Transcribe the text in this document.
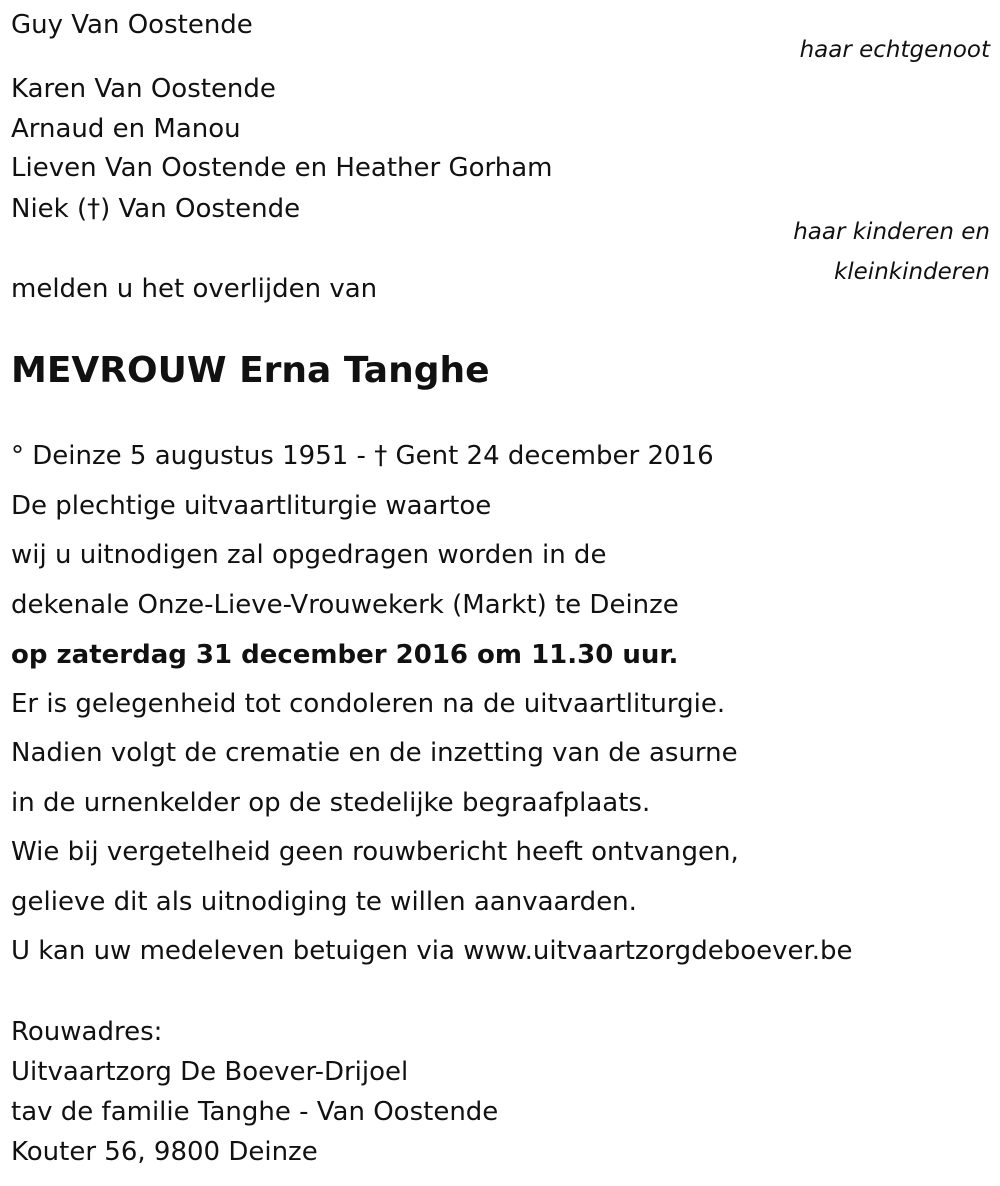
Guy Van Oostende
haar echtgenoot
Karen Van Oostende
Arnaud en Manou
Lieven Van Oostende en Heather Gorham
Niek (†) Van Oostende
haar kinderen en
kleinkinderen
melden u het overlijden van
MEVROUW Erna Tanghe
° Deinze 5 augustus 1951 - † Gent 24 december 2016
De plechtige uitvaartliturgie waartoe
wij u uitnodigen zal opgedragen worden in de
dekenale Onze-Lieve-Vrouwekerk (Markt) te Deinze
op zaterdag 31 december 2016 om 11.30 uur.
Er is gelegenheid tot condoleren na de uitvaartliturgie.
Nadien volgt de crematie en de inzetting van de asurne
in de urnenkelder op de stedelijke begraafplaats.
Wie bij vergetelheid geen rouwbericht heeft ontvangen,
gelieve dit als uitnodiging te willen aanvaarden.
U kan uw medeleven betuigen via www.uitvaartzorgdeboever.be
Rouwadres:
Uitvaartzorg De Boever-Drijoel
tav de familie Tanghe - Van Oostende
Kouter 56, 9800 Deinze
